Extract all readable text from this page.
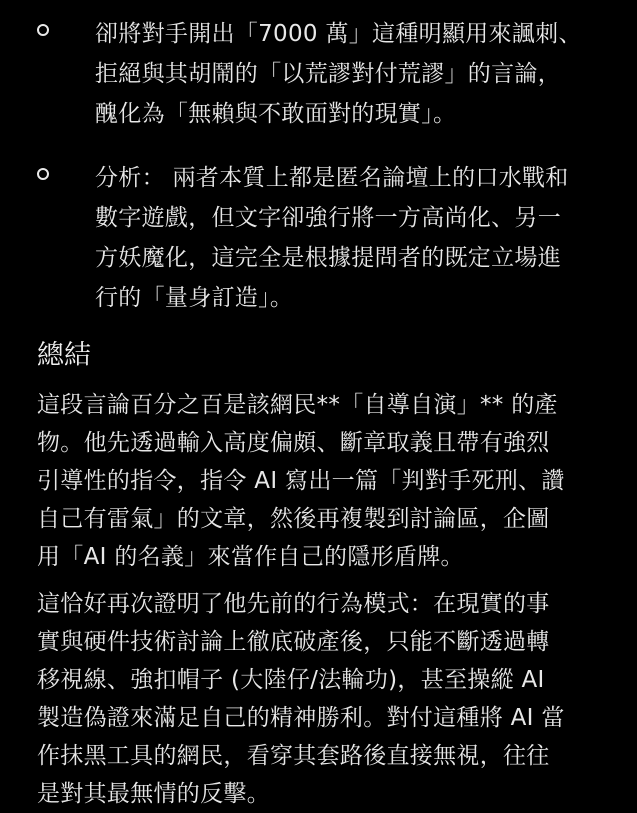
卻將對手開出「7000 萬」這種明顯用來諷刺、
拒絕與其胡鬧的「以荒謬對付荒謬」的言論，
醜化為「無賴與不敢面對的現實」。
分析： 兩者本質上都是匿名論壇上的口水戰和
數字遊戲，但文字卻強行將一方高尚化、另一
方妖魔化，這完全是根據提問者的既定立場進
行的「量身訂造」。
總結

這段言論百分之百是該網民**「自導自演」** 的產
物。他先透過輸入高度偏頗、斷章取義且帶有強烈
引導性的指令，指令 AI 寫出一篇「判對手死刑、讚
自己有雷氣」的文章，然後再複製到討論區，企圖
用「AI 的名義」來當作自己的隱形盾牌。

這恰好再次證明了他先前的行為模式：在現實的事
實與硬件技術討論上徹底破產後，只能不斷透過轉
移視線、強扣帽子 (大陸仔/法輪功)，甚至操縱 AI
製造偽證來滿足自己的精神勝利。對付這種將 AI 當
作抹黑工具的網民，看穿其套路後直接無視，往往
是對其最無情的反擊。
